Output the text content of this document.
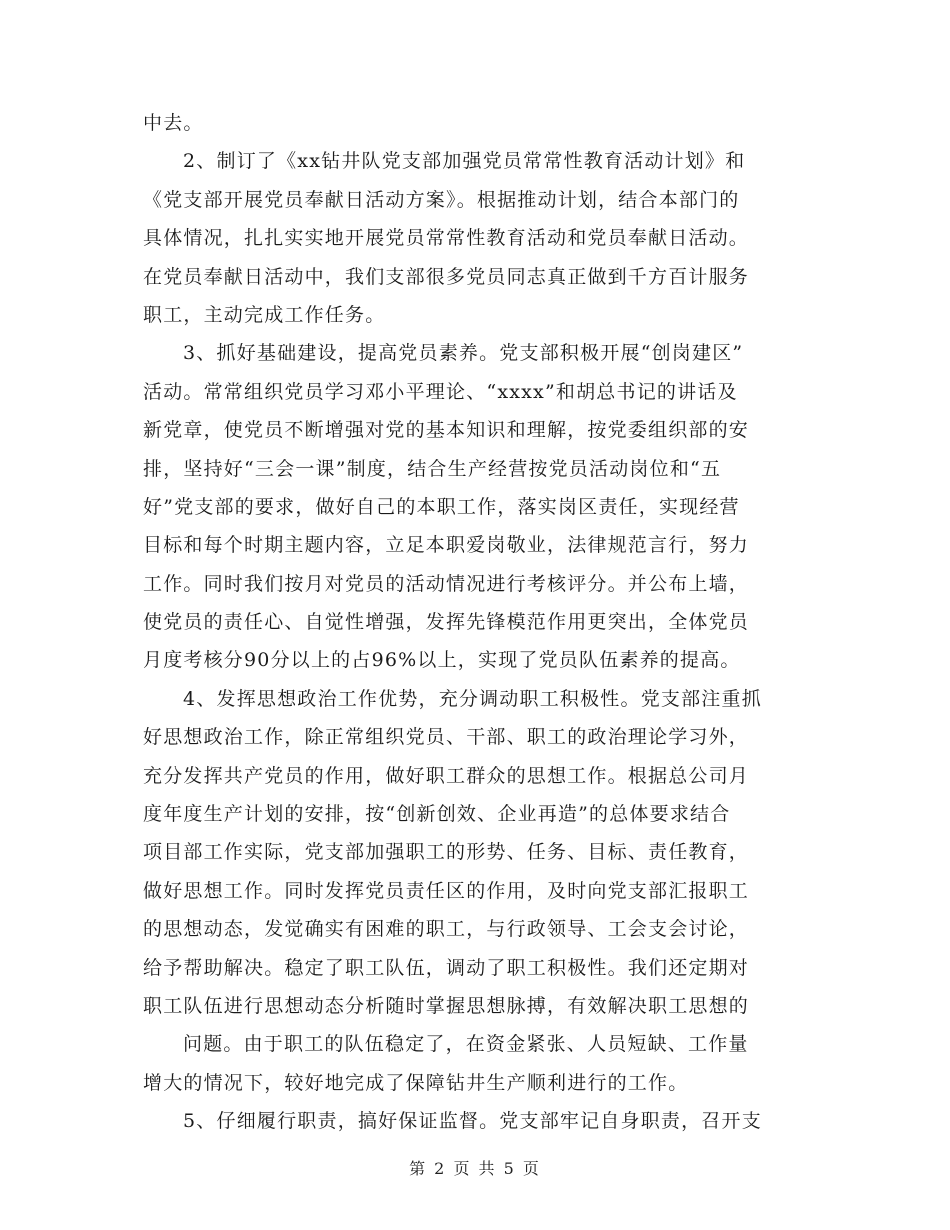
中去。
2、制订了《xx钻井队党支部加强党员常常性教育活动计划》和
《党支部开展党员奉献日活动方案》。根据推动计划，结合本部门的
具体情况，扎扎实实地开展党员常常性教育活动和党员奉献日活动。
在党员奉献日活动中，我们支部很多党员同志真正做到千方百计服务
职工，主动完成工作任务。
3、抓好基础建设，提高党员素养。党支部积极开展“创岗建区”
活动。常常组织党员学习邓小平理论、“xxxx”和胡总书记的讲话及
新党章，使党员不断增强对党的基本知识和理解，按党委组织部的安
排，坚持好“三会一课”制度，结合生产经营按党员活动岗位和“五
好”党支部的要求，做好自己的本职工作，落实岗区责任，实现经营
目标和每个时期主题内容，立足本职爱岗敬业，法律规范言行，努力
工作。同时我们按月对党员的活动情况进行考核评分。并公布上墙，
使党员的责任心、自觉性增强，发挥先锋模范作用更突出，全体党员
月度考核分90分以上的占96%以上，实现了党员队伍素养的提高。
4、发挥思想政治工作优势，充分调动职工积极性。党支部注重抓
好思想政治工作，除正常组织党员、干部、职工的政治理论学习外，
充分发挥共产党员的作用，做好职工群众的思想工作。根据总公司月
度年度生产计划的安排，按“创新创效、企业再造”的总体要求结合
项目部工作实际，党支部加强职工的形势、任务、目标、责任教育，
做好思想工作。同时发挥党员责任区的作用，及时向党支部汇报职工
的思想动态，发觉确实有困难的职工，与行政领导、工会支会讨论，
给予帮助解决。稳定了职工队伍，调动了职工积极性。我们还定期对
职工队伍进行思想动态分析随时掌握思想脉搏，有效解决职工思想的
问题。由于职工的队伍稳定了，在资金紧张、人员短缺、工作量
增大的情况下，较好地完成了保障钻井生产顺利进行的工作。
5、仔细履行职责，搞好保证监督。党支部牢记自身职责，召开支
第 2 页 共 5 页
